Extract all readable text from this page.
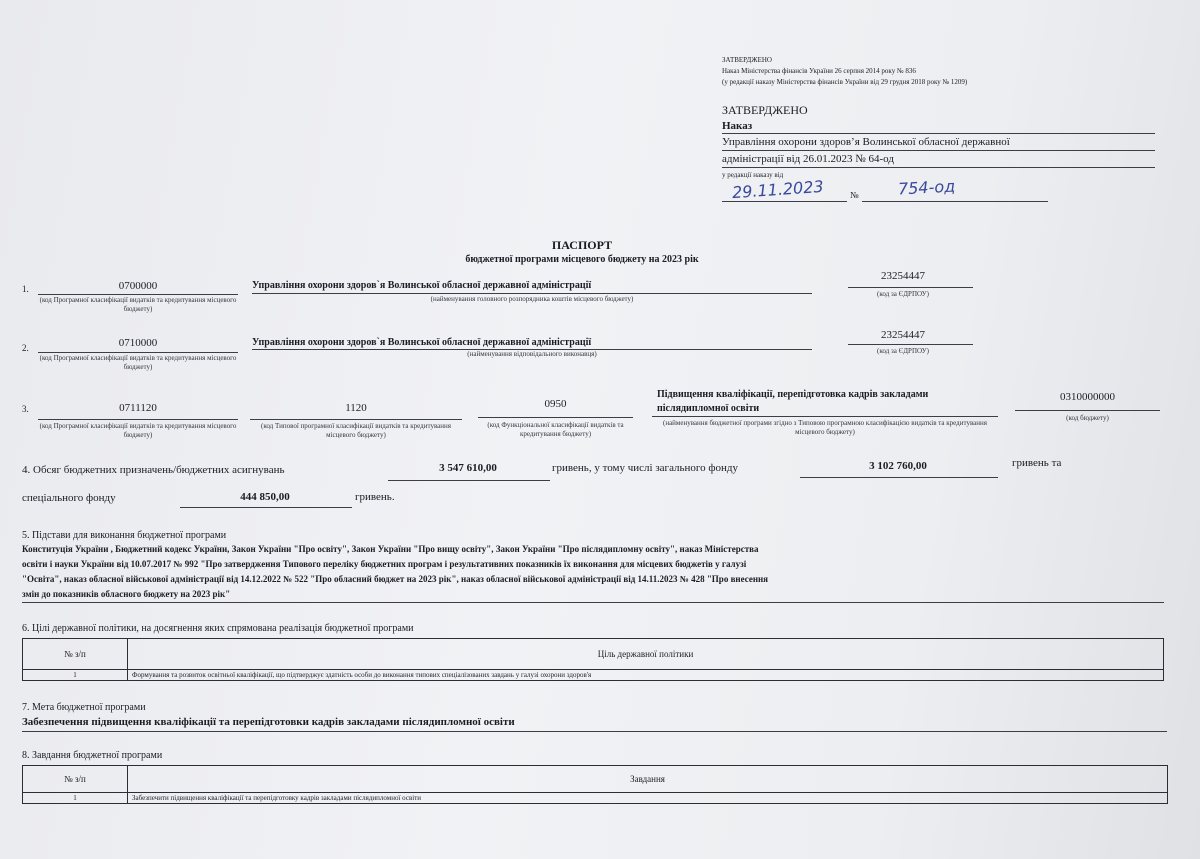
ЗАТВЕРДЖЕНО
Наказ Міністерства фінансів України 26 серпня 2014 року № 836
(у редакції наказу Міністерства фінансів України від 29 грудня 2018 року № 1209)
ЗАТВЕРДЖЕНО
Наказ
Управління охорони здоров’я Волинської обласної державної
адміністрації від 26.01.2023 № 64-од
у редакції наказу від
29.11.2023	№ 754-од
ПАСПОРТ
бюджетної програми місцевого бюджету на 2023 рік
1.	0700000
(код Програмної класифікації видатків та кредитування місцевого бюджету)
Управління охорони здоров`я Волинської обласної державної адміністрації
(найменування головного розпорядника коштів місцевого бюджету)
23254447
(код за ЄДРПОУ)
2.	0710000
(код Програмної класифікації видатків та кредитування місцевого бюджету)
Управління охорони здоров`я Волинської обласної державної адміністрації
(найменування відповідального виконавця)
23254447
(код за ЄДРПОУ)
3.	0711120
(код Програмної класифікації видатків та кредитування місцевого бюджету)
1120
(код Типової програмної класифікації видатків та кредитування місцевого бюджету)
0950
(код Функціональної класифікації видатків та кредитування бюджету)
Підвищення кваліфікації, перепідготовка кадрів закладами
післядипломної освіти
(найменування бюджетної програми згідно з Типовою програмною класифікацією видатків та кредитування місцевого бюджету)
0310000000
(код бюджету)
4. Обсяг бюджетних призначень/бюджетних асигнувань	3 547 610,00	гривень, у тому числі загального фонду	3 102 760,00	гривень та
спеціального фонду	444 850,00	гривень.
5. Підстави для виконання бюджетної програми
Конституція України , Бюджетний кодекс України, Закон України "Про освіту", Закон України "Про вищу освіту", Закон України "Про післядипломну освіту", наказ Міністерства
освіти і науки України від 10.07.2017 № 992 "Про затвердження Типового переліку бюджетних програм і результативних показників їх виконання для місцевих бюджетів у галузі
"Освіта", наказ обласної військової адміністрації від 14.12.2022 № 522 "Про обласний бюджет на 2023 рік", наказ обласної військової адміністрації від 14.11.2023 № 428 "Про внесення
змін до показників обласного бюджету на 2023 рік"
6. Цілі державної політики, на досягнення яких спрямована реалізація бюджетної програми
№ з/п	Ціль державної політики
1	Формування та розвиток освітньої кваліфікації, що підтверджує здатність особи до виконання типових спеціалізованих завдань у галузі охорони здоров'я
7. Мета бюджетної програми
Забезпечення підвищення кваліфікації та перепідготовки кадрів закладами післядипломної освіти
8. Завдання бюджетної програми
№ з/п	Завдання
1	Забезпечити підвищення кваліфікації та перепідготовку кадрів закладами післядипломної освіти
